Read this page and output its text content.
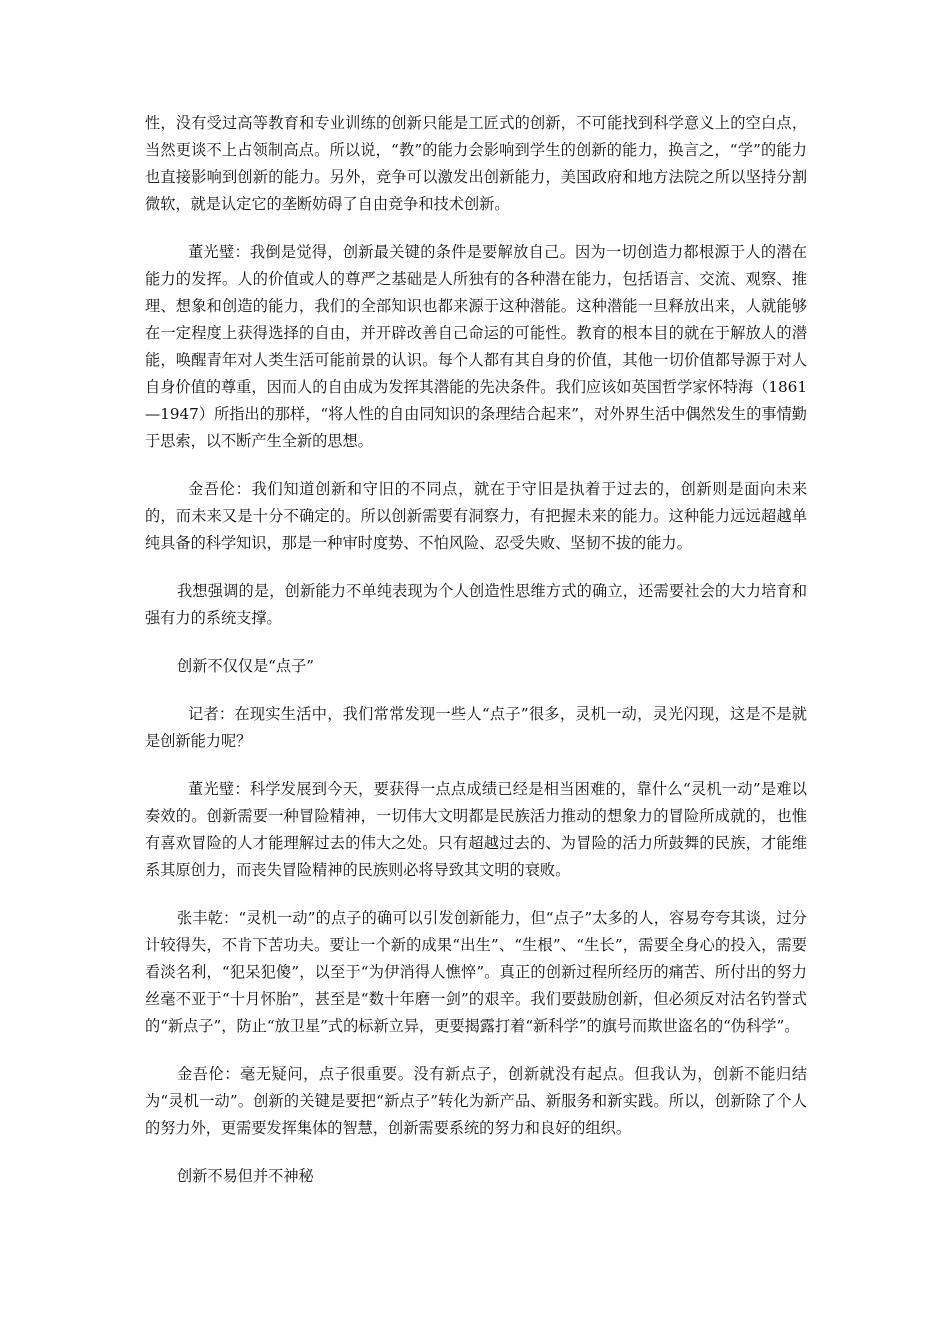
性，没有受过高等教育和专业训练的创新只能是工匠式的创新，不可能找到科学意义上的空白点，当然更谈不上占领制高点。所以说，“教”的能力会影响到学生的创新的能力，换言之，“学”的能力也直接影响到创新的能力。另外，竞争可以激发出创新能力，美国政府和地方法院之所以坚持分割微软，就是认定它的垄断妨碍了自由竞争和技术创新。

董光璧：我倒是觉得，创新最关键的条件是要解放自己。因为一切创造力都根源于人的潜在能力的发挥。人的价值或人的尊严之基础是人所独有的各种潜在能力，包括语言、交流、观察、推理、想象和创造的能力，我们的全部知识也都来源于这种潜能。这种潜能一旦释放出来，人就能够在一定程度上获得选择的自由，并开辟改善自己命运的可能性。教育的根本目的就在于解放人的潜能，唤醒青年对人类生活可能前景的认识。每个人都有其自身的价值，其他一切价值都导源于对人自身价值的尊重，因而人的自由成为发挥其潜能的先决条件。我们应该如英国哲学家怀特海（1861—1947）所指出的那样，“将人性的自由同知识的条理结合起来”，对外界生活中偶然发生的事情勤于思索，以不断产生全新的思想。

金吾伦：我们知道创新和守旧的不同点，就在于守旧是执着于过去的，创新则是面向未来的，而未来又是十分不确定的。所以创新需要有洞察力，有把握未来的能力。这种能力远远超越单纯具备的科学知识，那是一种审时度势、不怕风险、忍受失败、坚韧不拔的能力。

我想强调的是，创新能力不单纯表现为个人创造性思维方式的确立，还需要社会的大力培育和强有力的系统支撑。

创新不仅仅是“点子”

记者：在现实生活中，我们常常发现一些人“点子”很多，灵机一动，灵光闪现，这是不是就是创新能力呢？

董光璧：科学发展到今天，要获得一点点成绩已经是相当困难的，靠什么“灵机一动”是难以奏效的。创新需要一种冒险精神，一切伟大文明都是民族活力推动的想象力的冒险所成就的，也惟有喜欢冒险的人才能理解过去的伟大之处。只有超越过去的、为冒险的活力所鼓舞的民族，才能维系其原创力，而丧失冒险精神的民族则必将导致其文明的衰败。

张丰乾：“灵机一动”的点子的确可以引发创新能力，但“点子”太多的人，容易夸夸其谈，过分计较得失，不肯下苦功夫。要让一个新的成果“出生”、“生根”、“生长”，需要全身心的投入，需要看淡名利，“犯呆犯傻”，以至于“为伊消得人憔悴”。真正的创新过程所经历的痛苦、所付出的努力丝毫不亚于“十月怀胎”，甚至是“数十年磨一剑”的艰辛。我们要鼓励创新，但必须反对沽名钓誉式的“新点子”，防止“放卫星”式的标新立异，更要揭露打着“新科学”的旗号而欺世盗名的“伪科学”。

金吾伦：毫无疑问，点子很重要。没有新点子，创新就没有起点。但我认为，创新不能归结为“灵机一动”。创新的关键是要把“新点子”转化为新产品、新服务和新实践。所以，创新除了个人的努力外，更需要发挥集体的智慧，创新需要系统的努力和良好的组织。

创新不易但并不神秘
